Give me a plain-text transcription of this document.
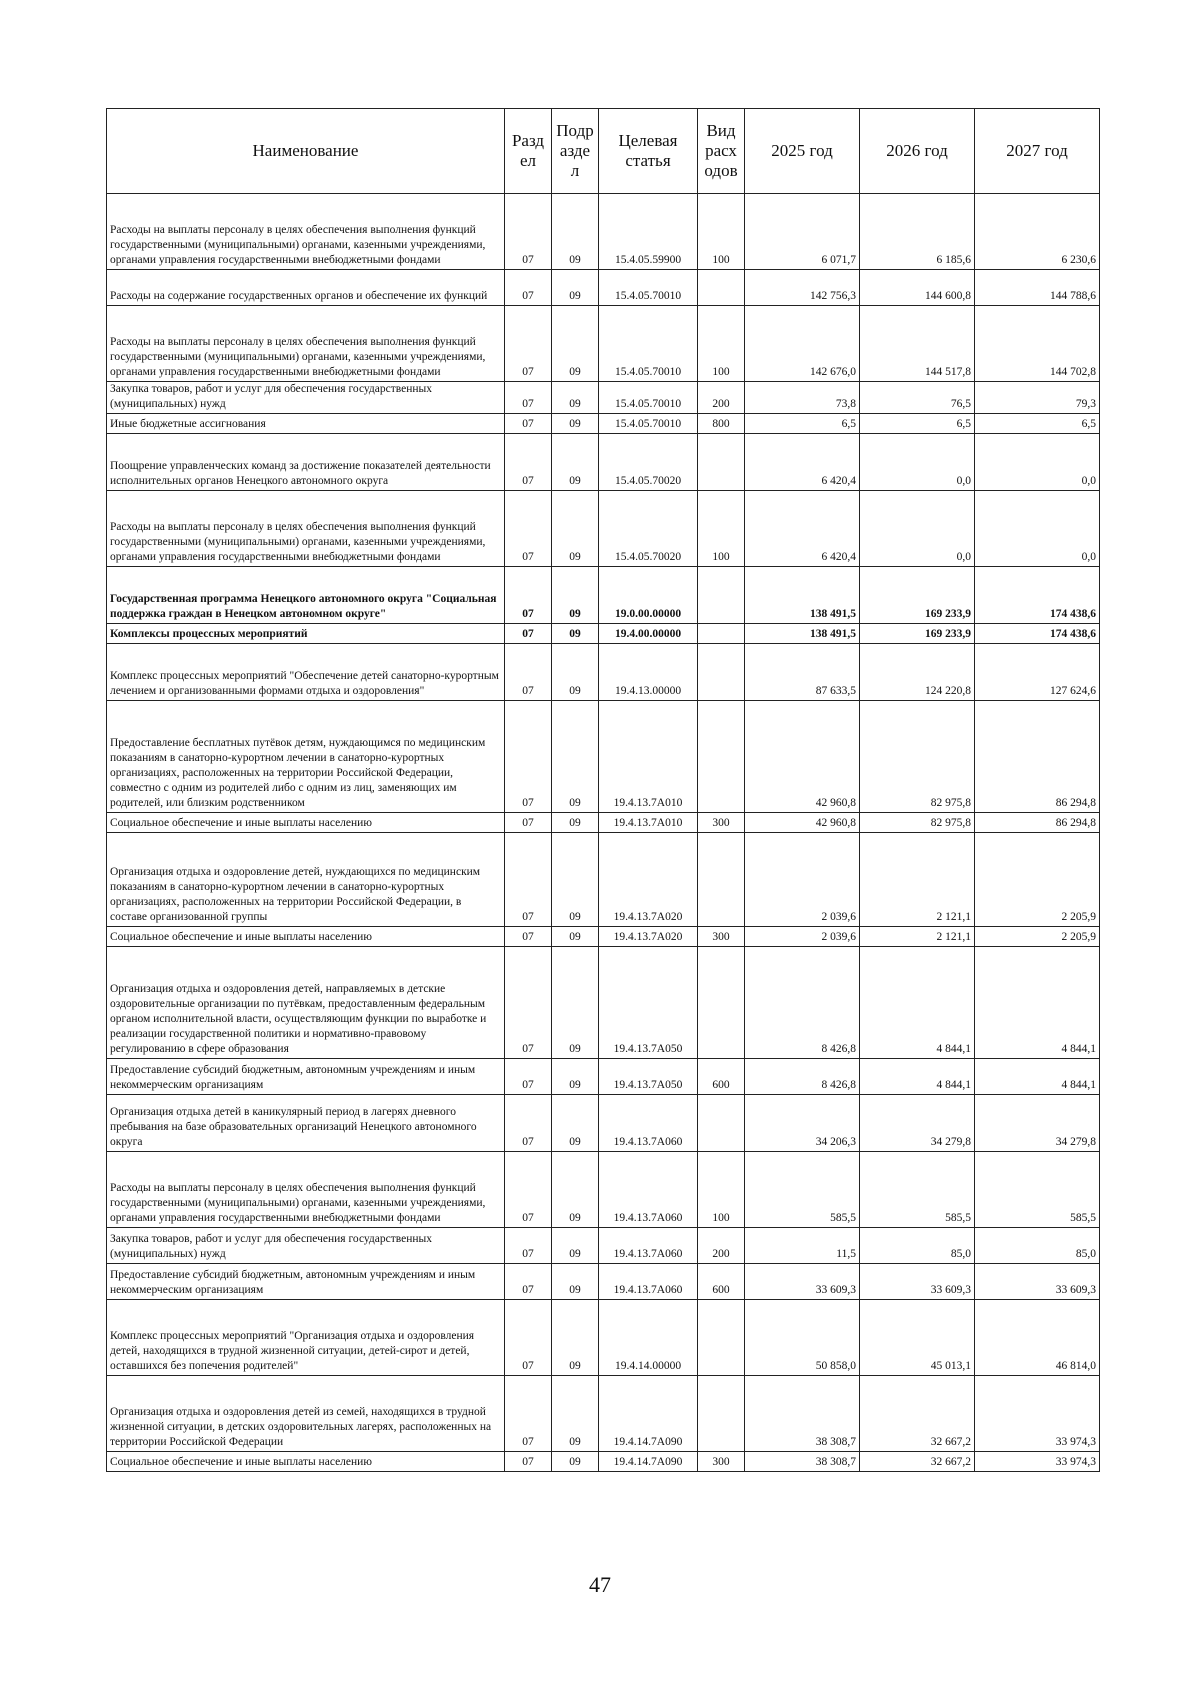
Наименование	Разд ел	Подр азде л	Целевая статья	Вид расх одов	2025 год	2026 год	2027 год
Расходы на выплаты персоналу в целях обеспечения выполнения функций государственными (муниципальными) органами, казенными учреждениями, органами управления государственными внебюджетными фондами	07	09	15.4.05.59900	100	6 071,7	6 185,6	6 230,6
Расходы на содержание государственных органов и обеспечение их функций	07	09	15.4.05.70010		142 756,3	144 600,8	144 788,6
Расходы на выплаты персоналу в целях обеспечения выполнения функций государственными (муниципальными) органами, казенными учреждениями, органами управления государственными внебюджетными фондами	07	09	15.4.05.70010	100	142 676,0	144 517,8	144 702,8
Закупка товаров, работ и услуг для обеспечения государственных (муниципальных) нужд	07	09	15.4.05.70010	200	73,8	76,5	79,3
Иные бюджетные ассигнования	07	09	15.4.05.70010	800	6,5	6,5	6,5
Поощрение управленческих команд за достижение показателей деятельности исполнительных органов Ненецкого автономного округа	07	09	15.4.05.70020		6 420,4	0,0	0,0
Расходы на выплаты персоналу в целях обеспечения выполнения функций государственными (муниципальными) органами, казенными учреждениями, органами управления государственными внебюджетными фондами	07	09	15.4.05.70020	100	6 420,4	0,0	0,0
Государственная программа Ненецкого автономного округа "Социальная поддержка граждан в Ненецком автономном округе"	07	09	19.0.00.00000		138 491,5	169 233,9	174 438,6
Комплексы процессных мероприятий	07	09	19.4.00.00000		138 491,5	169 233,9	174 438,6
Комплекс процессных мероприятий "Обеспечение детей санаторно-курортным лечением и организованными формами отдыха и оздоровления"	07	09	19.4.13.00000		87 633,5	124 220,8	127 624,6
Предоставление бесплатных путёвок детям, нуждающимся по медицинским показаниям в санаторно-курортном лечении в санаторно-курортных организациях, расположенных на территории Российской Федерации, совместно с одним из родителей либо с одним из лиц, заменяющих им родителей, или близким родственником	07	09	19.4.13.7A010		42 960,8	82 975,8	86 294,8
Социальное обеспечение и иные выплаты населению	07	09	19.4.13.7A010	300	42 960,8	82 975,8	86 294,8
Организация отдыха и оздоровление детей, нуждающихся по медицинским показаниям в санаторно-курортном лечении в санаторно-курортных организациях, расположенных на территории Российской Федерации, в составе организованной группы	07	09	19.4.13.7A020		2 039,6	2 121,1	2 205,9
Социальное обеспечение и иные выплаты населению	07	09	19.4.13.7A020	300	2 039,6	2 121,1	2 205,9
Организация отдыха и оздоровления детей, направляемых в детские оздоровительные организации по путёвкам, предоставленным федеральным органом исполнительной власти, осуществляющим функции по выработке и реализации государственной политики и нормативно-правовому регулированию в сфере образования	07	09	19.4.13.7A050		8 426,8	4 844,1	4 844,1
Предоставление субсидий бюджетным, автономным учреждениям и иным некоммерческим организациям	07	09	19.4.13.7A050	600	8 426,8	4 844,1	4 844,1
Организация отдыха детей в каникулярный период в лагерях дневного пребывания на базе образовательных организаций Ненецкого автономного округа	07	09	19.4.13.7A060		34 206,3	34 279,8	34 279,8
Расходы на выплаты персоналу в целях обеспечения выполнения функций государственными (муниципальными) органами, казенными учреждениями, органами управления государственными внебюджетными фондами	07	09	19.4.13.7A060	100	585,5	585,5	585,5
Закупка товаров, работ и услуг для обеспечения государственных (муниципальных) нужд	07	09	19.4.13.7A060	200	11,5	85,0	85,0
Предоставление субсидий бюджетным, автономным учреждениям и иным некоммерческим организациям	07	09	19.4.13.7A060	600	33 609,3	33 609,3	33 609,3
Комплекс процессных мероприятий "Организация отдыха и оздоровления детей, находящихся в трудной жизненной ситуации, детей-сирот и детей, оставшихся без попечения родителей"	07	09	19.4.14.00000		50 858,0	45 013,1	46 814,0
Организация отдыха и оздоровления детей из семей, находящихся в трудной жизненной ситуации, в детских оздоровительных лагерях, расположенных на территории Российской Федерации	07	09	19.4.14.7A090		38 308,7	32 667,2	33 974,3
Социальное обеспечение и иные выплаты населению	07	09	19.4.14.7A090	300	38 308,7	32 667,2	33 974,3
47
